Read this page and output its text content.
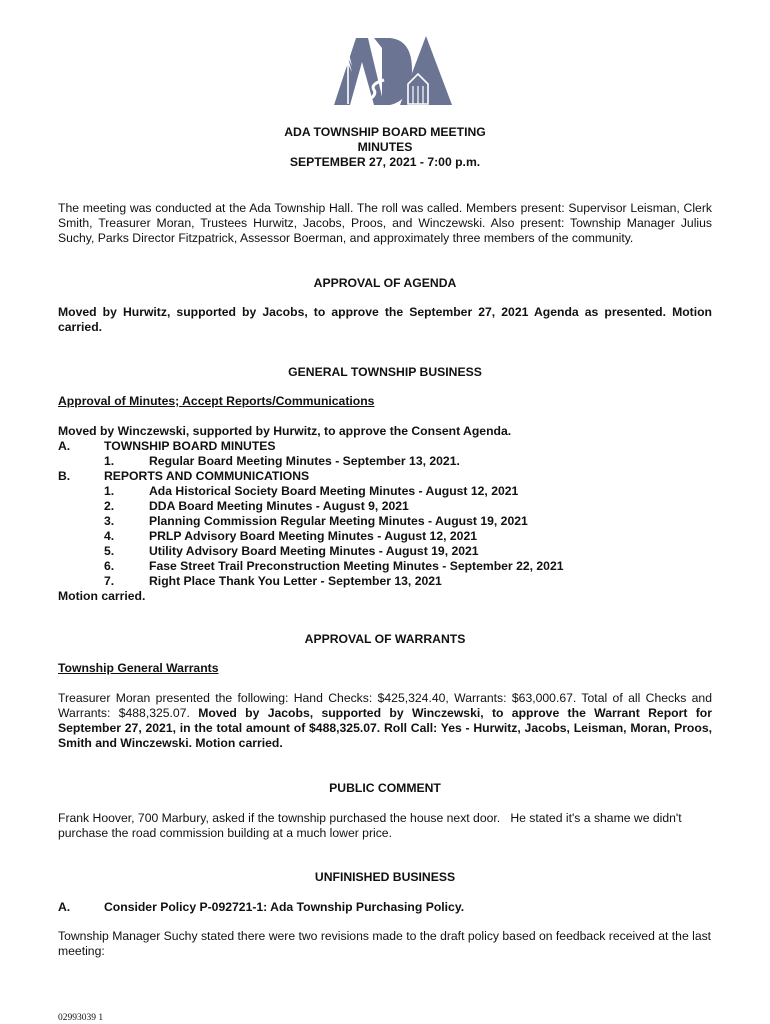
ADA TOWNSHIP BOARD MEETING
MINUTES
SEPTEMBER 27, 2021 - 7:00 p.m.
The meeting was conducted at the Ada Township Hall. The roll was called. Members present: Supervisor Leisman, Clerk Smith, Treasurer Moran, Trustees Hurwitz, Jacobs, Proos, and Winczewski. Also present: Township Manager Julius Suchy, Parks Director Fitzpatrick, Assessor Boerman, and approximately three members of the community.
APPROVAL OF AGENDA
Moved by Hurwitz, supported by Jacobs, to approve the September 27, 2021 Agenda as presented. Motion carried.
GENERAL TOWNSHIP BUSINESS
Approval of Minutes; Accept Reports/Communications
Moved by Winczewski, supported by Hurwitz, to approve the Consent Agenda.
A.	TOWNSHIP BOARD MINUTES
1.	Regular Board Meeting Minutes - September 13, 2021.
B.	REPORTS AND COMMUNICATIONS
1.	Ada Historical Society Board Meeting Minutes - August 12, 2021
2.	DDA Board Meeting Minutes - August 9, 2021
3.	Planning Commission Regular Meeting Minutes - August 19, 2021
4.	PRLP Advisory Board Meeting Minutes - August 12, 2021
5.	Utility Advisory Board Meeting Minutes - August 19, 2021
6.	Fase Street Trail Preconstruction Meeting Minutes - September 22, 2021
7.	Right Place Thank You Letter - September 13, 2021
Motion carried.
APPROVAL OF WARRANTS
Township General Warrants
Treasurer Moran presented the following: Hand Checks: $425,324.40, Warrants: $63,000.67. Total of all Checks and Warrants: $488,325.07. Moved by Jacobs, supported by Winczewski, to approve the Warrant Report for September 27, 2021, in the total amount of $488,325.07. Roll Call: Yes - Hurwitz, Jacobs, Leisman, Moran, Proos, Smith and Winczewski. Motion carried.
PUBLIC COMMENT
Frank Hoover, 700 Marbury, asked if the township purchased the house next door.   He stated it's a shame we didn't purchase the road commission building at a much lower price.
UNFINISHED BUSINESS
A.	Consider Policy P-092721-1: Ada Township Purchasing Policy.
Township Manager Suchy stated there were two revisions made to the draft policy based on feedback received at the last meeting:
02993039 1
